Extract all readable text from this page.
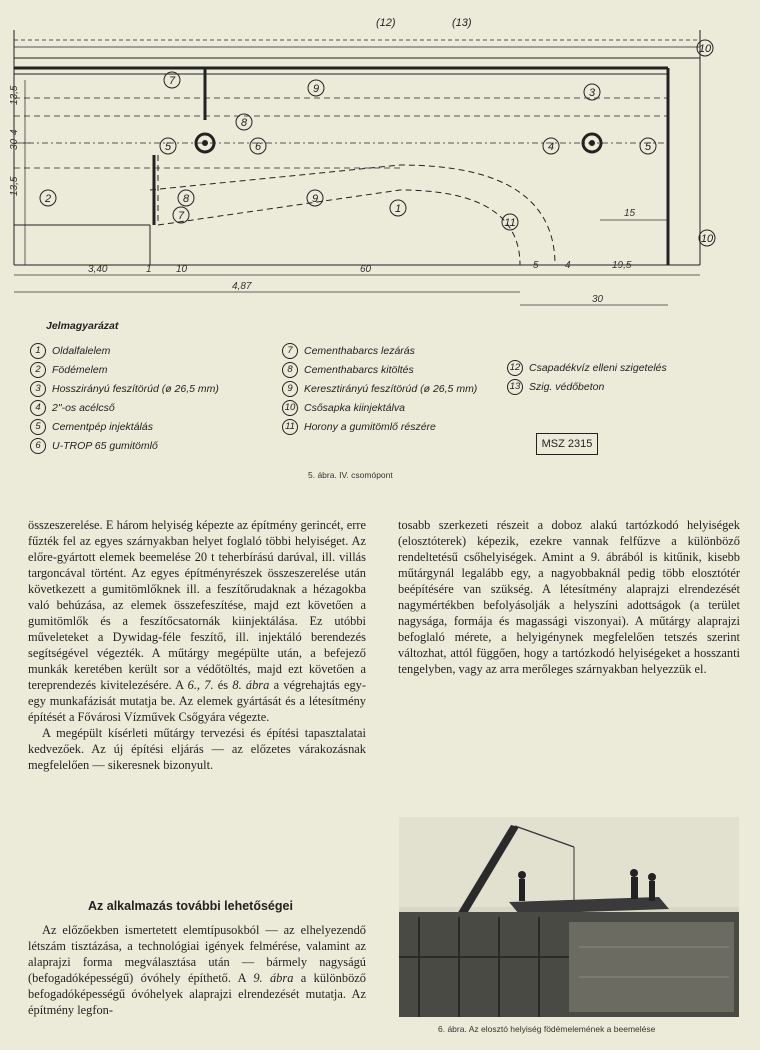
(12)	(13)
7
9	3
8
5	6	4	5
2	8
7
9
1
11
10
10
3,40	1 10	60	5	4	19,5
4,87
30
15
30
13,5
4
13,5
Jelmagyarázat
1	Oldalfalelem
2	Födémelem
3	Hosszirányú feszítörúd (ø 26,5 mm)
4	2"-os acélcső
5	Cementpép injektálás
6	U-TROP 65 gumitömlő
7	Cementhabarcs lezárás
8	Cementhabarcs kitöltés
9	Keresztirányú feszítörúd (ø 26,5 mm)
10 Csősapka kiinjektálva
11 Horony a gumitömlő részére
12 Csapadékvíz elleni szigetelés
13 Szig. védőbeton
MSZ 2315
5. ábra. IV. csomópont

összeszerelése. E három helyiség képezte az építmény gerincét, erre fűzték fel az egyes szárnyakban helyet foglaló többi helyiséget. Az előre-gyártott elemek beemelése 20 t teherbírású darúval, ill. villás targoncával történt. Az egyes építményrészek összeszerelése után következett a gumitömlőknek ill. a feszítőrudaknak a hézagokba való behúzása, az elemek összefeszítése, majd ezt követően a gumitömlők és a feszítőcsatornák kiinjektálása. Ez utóbbi műveleteket a Dywidag-féle feszítő, ill. injektáló berendezés segítségével végezték. A műtárgy megépülte után, a befejező munkák keretében került sor a védőtöltés, majd ezt követően a tereprendezés kivitelezésére. A 6., 7. és 8. ábra a végrehajtás egy-egy munkafázisát mutatja be. Az elemek gyártását és a létesítmény építését a Fővárosi Vízművek Csőgyára végezte.

A megépült kísérleti műtárgy tervezési és építési tapasztalatai kedvezőek. Az új építési eljárás — az előzetes várakozásnak megfelelően — sikeresnek bizonyult.

Az alkalmazás további lehetőségei

Az előzőekben ismertetett elemtípusokból — az elhelyezendő létszám tisztázása, a technológiai igények felmérése, valamint az alaprajzi forma megválasztása után — bármely nagyságú (befogadóképességű) óvóhely építhető. A 9. ábra a különböző befogadóképességű óvóhelyek alaprajzi elrendezését mutatja. Az építmény legfon-

tosabb szerkezeti részeit a doboz alakú tartózkodó helyiségek (elosztóterek) képezik, ezekre vannak felfűzve a különböző rendeltetésű csőhelyiségek. Amint a 9. ábrából is kitűnik, kisebb műtárgynál legalább egy, a nagyobbaknál pedig több elosztótér beépítésére van szükség. A létesítmény alaprajzi elrendezését nagymértékben befolyásolják a helyszíni adottságok (a terület nagysága, formája és magassági viszonyai). A műtárgy alaprajzi befoglaló mérete, a helyigénynek megfelelően tetszés szerint változhat, attól függően, hogy a tartózkodó helyiségeket a hosszanti tengelyben, vagy az arra merőleges szárnyakban helyezzük el.

6. ábra. Az elosztó helyiség födémelemének a beemelése
